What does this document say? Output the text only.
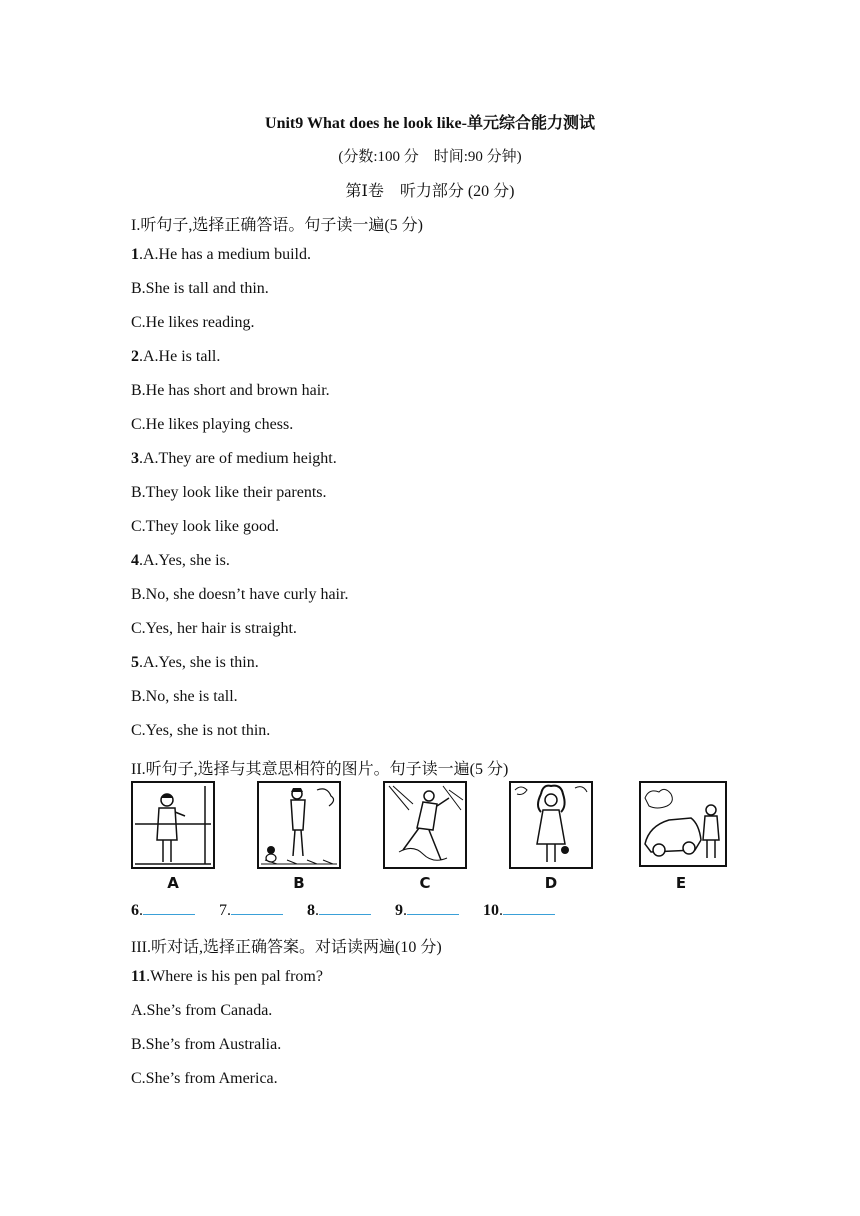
Unit9 What does he look like-单元综合能力测试
(分数:100 分　时间:90 分钟)
第Ⅰ卷　听力部分 (20 分)
I.听句子,选择正确答语。句子读一遍(5 分)
1.A.He has a medium build.
B.She is tall and thin.
C.He likes reading.
2.A.He is tall.
B.He has short and brown hair.
C.He likes playing chess.
3.A.They are of medium height.
B.They look like their parents.
C.They look like good.
4.A.Yes, she is.
B.No, she doesn’t have curly hair.
C.Yes, her hair is straight.
5.A.Yes, she is thin.
B.No, she is tall.
C.Yes, she is not thin.
II.听句子,选择与其意思相符的图片。句子读一遍(5 分)
A	B	C	D	E
6.	7.	8.	9.	10.
III.听对话,选择正确答案。对话读两遍(10 分)
11.Where is his pen pal from?
A.She’s from Canada.
B.She’s from Australia.
C.She’s from America.
